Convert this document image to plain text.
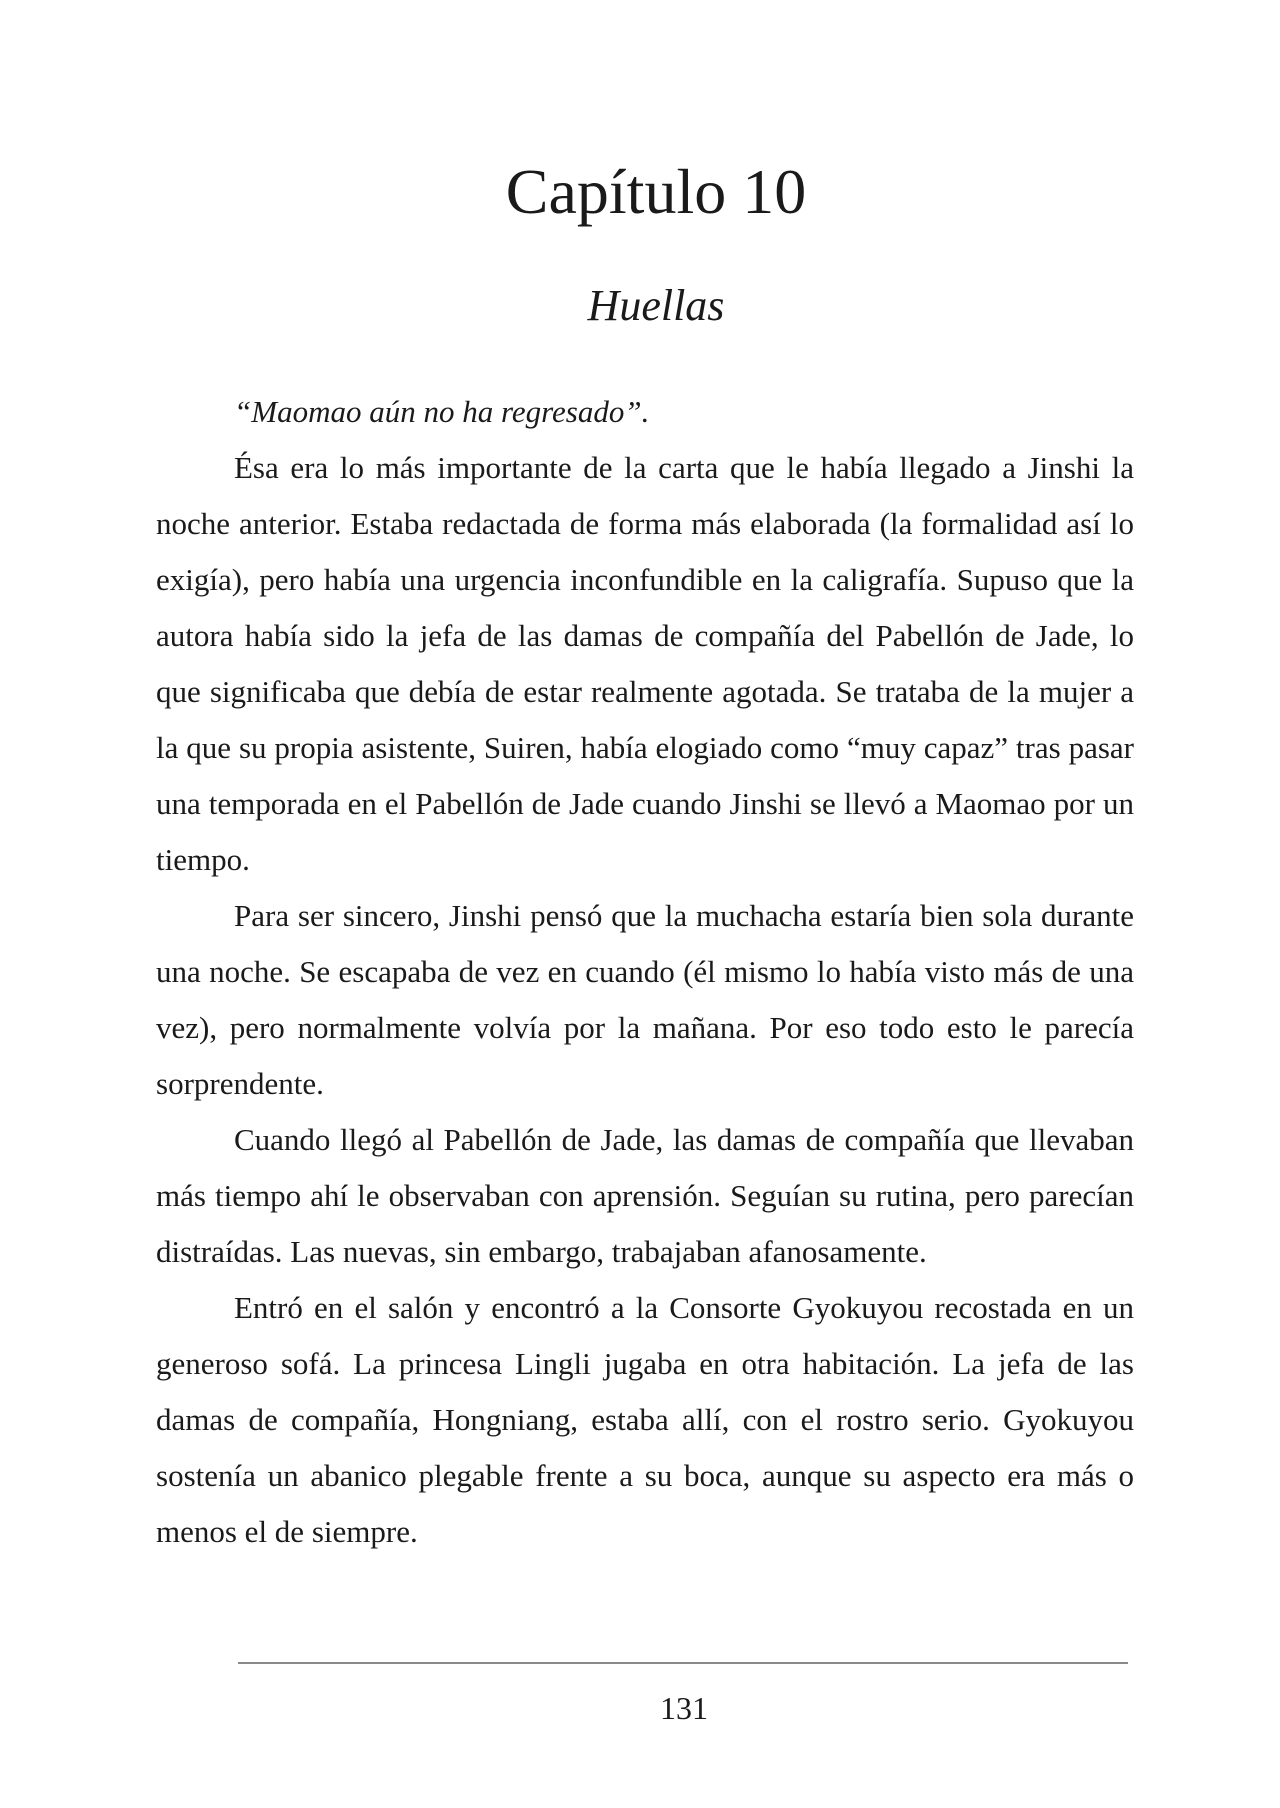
Capítulo 10
Huellas

“Maomao aún no ha regresado”.

Ésa era lo más importante de la carta que le había llegado a Jinshi la noche anterior. Estaba redactada de forma más elaborada (la formalidad así lo exigía), pero había una urgencia inconfundible en la caligrafía. Supuso que la autora había sido la jefa de las damas de compañía del Pabellón de Jade, lo que significaba que debía de estar realmente agotada. Se trataba de la mujer a la que su propia asistente, Suiren, había elogiado como “muy capaz” tras pasar una temporada en el Pabellón de Jade cuando Jinshi se llevó a Maomao por un tiempo.

Para ser sincero, Jinshi pensó que la muchacha estaría bien sola durante una noche. Se escapaba de vez en cuando (él mismo lo había visto más de una vez), pero normalmente volvía por la mañana. Por eso todo esto le parecía sorprendente.

Cuando llegó al Pabellón de Jade, las damas de compañía que llevaban más tiempo ahí le observaban con aprensión. Seguían su rutina, pero parecían distraídas. Las nuevas, sin embargo, trabajaban afanosamente.

Entró en el salón y encontró a la Consorte Gyokuyou recostada en un generoso sofá. La princesa Lingli jugaba en otra habitación. La jefa de las damas de compañía, Hongniang, estaba allí, con el rostro serio. Gyokuyou sostenía un abanico plegable frente a su boca, aunque su aspecto era más o menos el de siempre.

131
